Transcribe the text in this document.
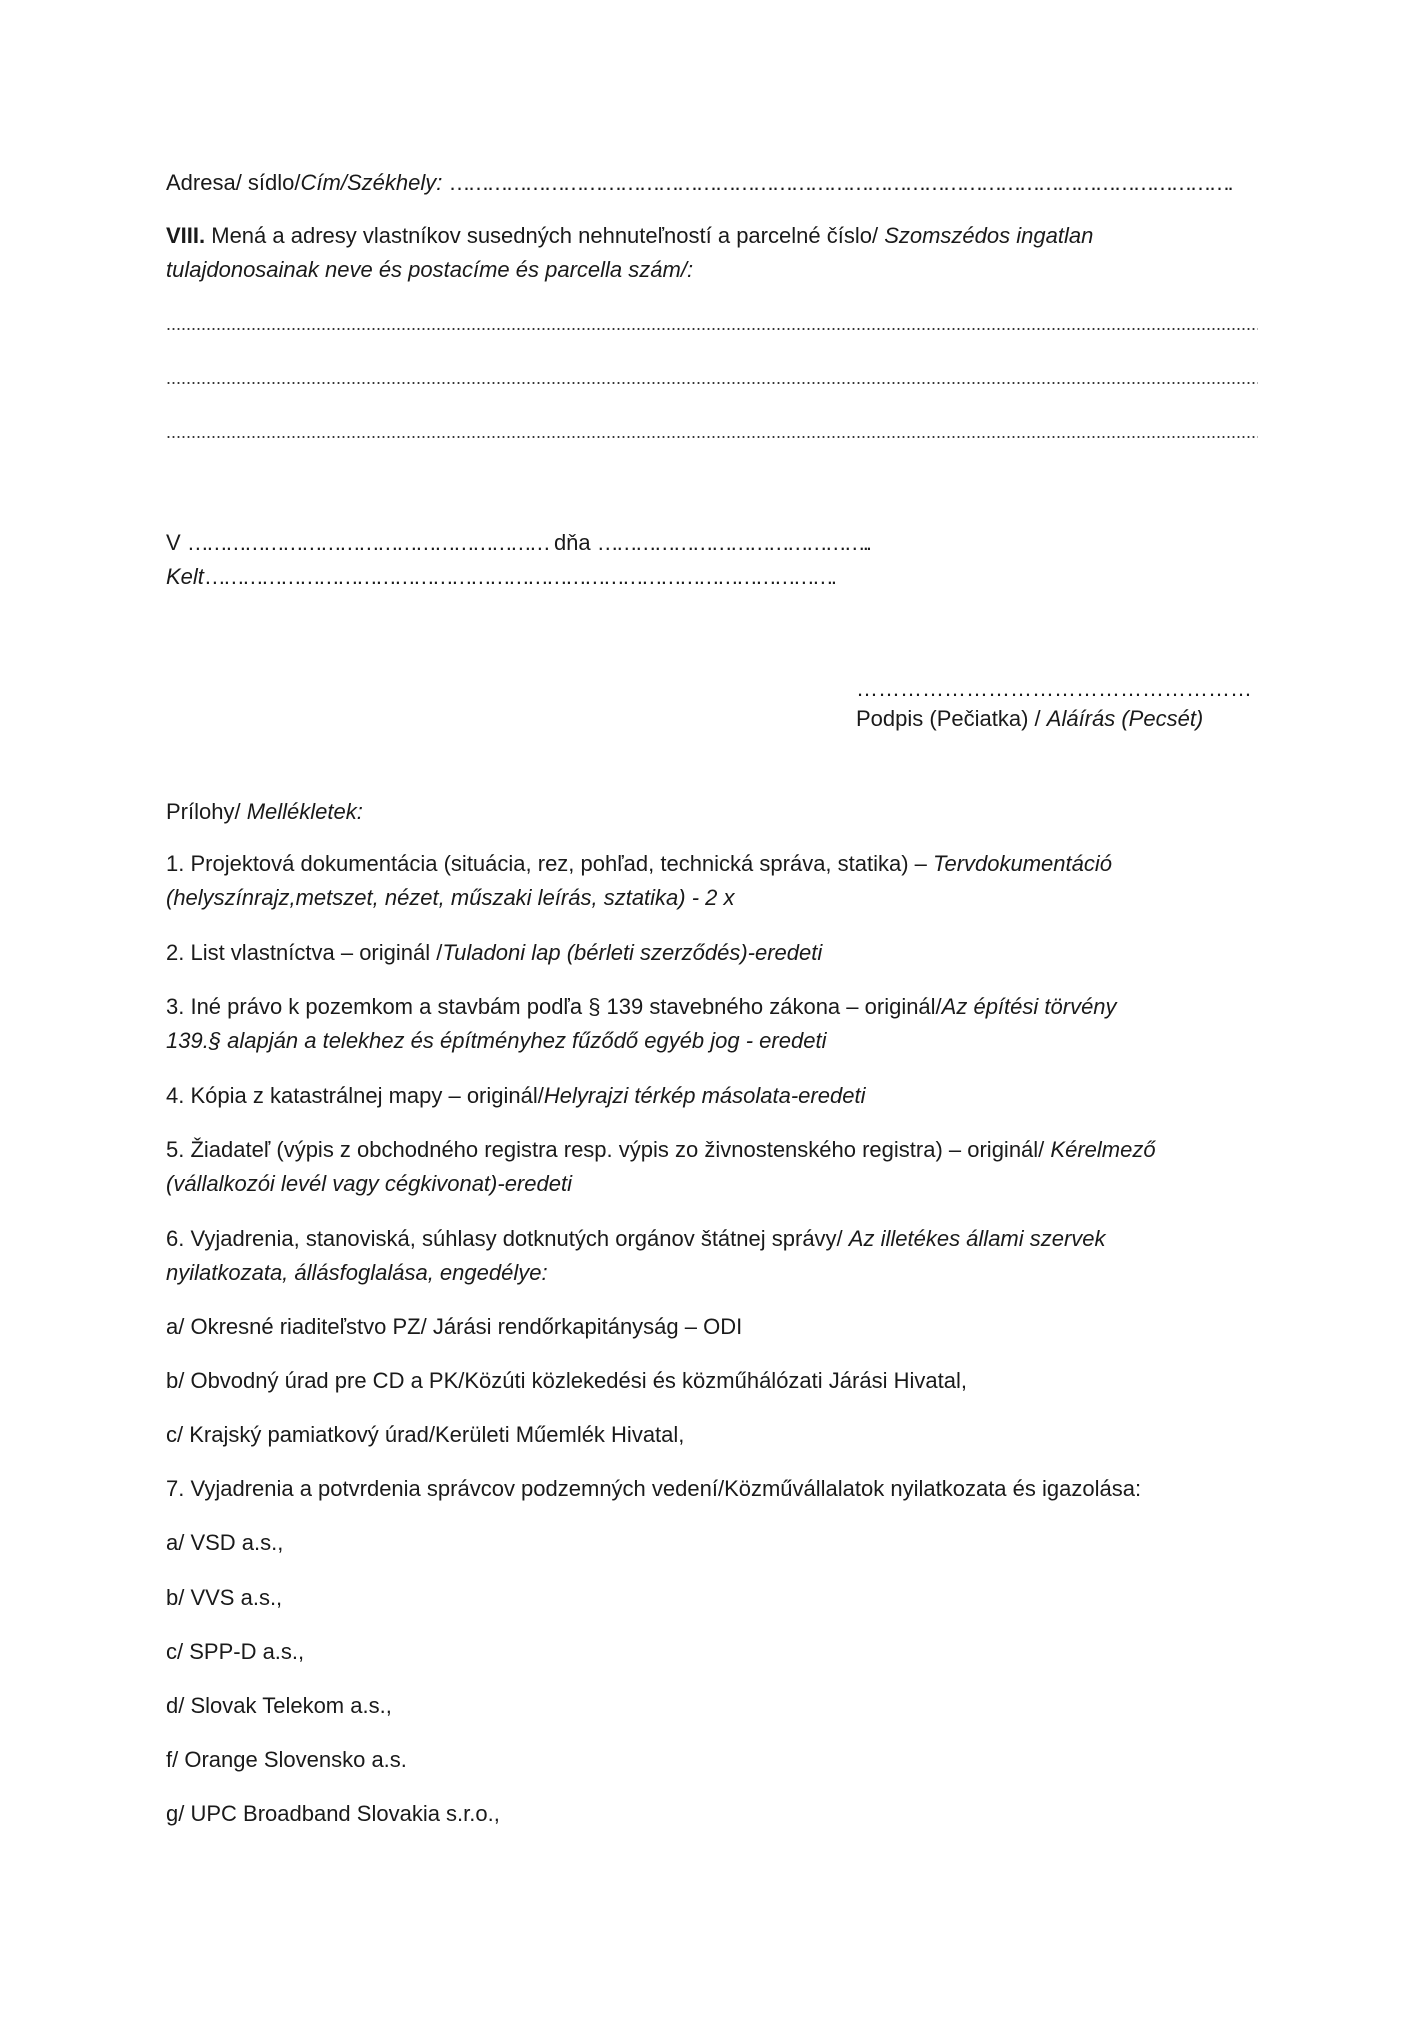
Adresa/ sídlo/Cím/Székhely: …………………………………………………………………………………………………………….
VIII. Mená a adresy vlastníkov susedných nehnuteľností a parcelné číslo/ Szomszédos ingatlan
tulajdonosainak neve és postacíme és parcella szám/:
V ………………………………………………… dňa ……………………………………..
Kelt……………………………………………………………………………………….
………………………………………………
Podpis (Pečiatka) / Aláírás (Pecsét)
Prílohy/ Mellékletek:
1. Projektová dokumentácia (situácia, rez, pohľad, technická správa, statika) – Tervdokumentáció
(helyszínrajz,metszet, nézet, műszaki leírás, sztatika) - 2 x
2. List vlastníctva – originál /Tuladoni lap (bérleti szerződés)-eredeti
3. Iné právo k pozemkom a stavbám podľa § 139 stavebného zákona – originál/Az építési törvény
139.§ alapján a telekhez és építményhez fűződő egyéb jog - eredeti
4. Kópia z katastrálnej mapy – originál/Helyrajzi térkép másolata-eredeti
5. Žiadateľ (výpis z obchodného registra resp. výpis zo živnostenského registra) – originál/ Kérelmező
(vállalkozói levél vagy cégkivonat)-eredeti
6. Vyjadrenia, stanoviská, súhlasy dotknutých orgánov štátnej správy/ Az illetékes állami szervek
nyilatkozata, állásfoglalása, engedélye:
a/ Okresné riaditeľstvo PZ/ Járási rendőrkapitányság – ODI
b/ Obvodný úrad pre CD a PK/Közúti közlekedési és közműhálózati Járási Hivatal,
c/ Krajský pamiatkový úrad/Kerületi Műemlék Hivatal,
7. Vyjadrenia a potvrdenia správcov podzemných vedení/Közművállalatok nyilatkozata és igazolása:
a/ VSD a.s.,
b/ VVS a.s.,
c/ SPP-D a.s.,
d/ Slovak Telekom a.s.,
f/ Orange Slovensko a.s.
g/ UPC Broadband Slovakia s.r.o.,
